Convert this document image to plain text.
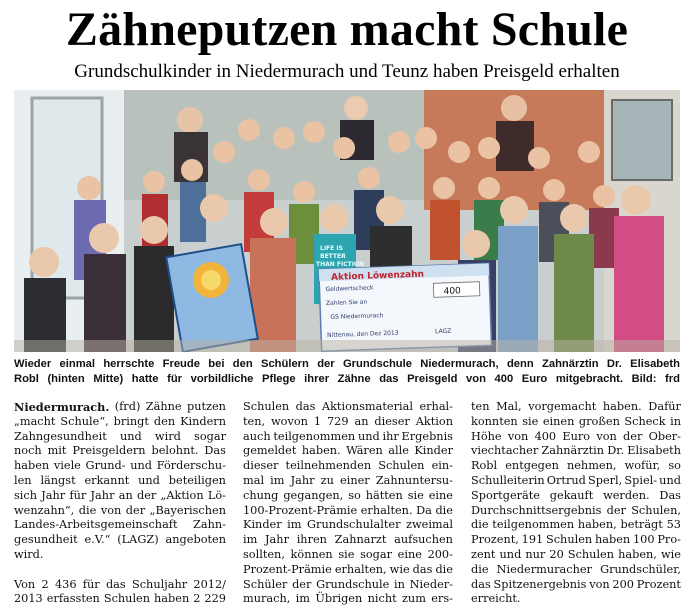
Zähneputzen macht Schule
Grundschulkinder in Niedermurach und Teunz haben Preisgeld erhalten
LIFE IS
BETTER
THAN FICTION
Aktion Löwenzahn
400
Geldwertscheck
Zahlen Sie an
GS Niedermurach
Nittenau, den Dez 2013	LAGZ
Wieder einmal herrschte Freude bei den Schülern der Grundschule Niedermurach, denn Zahnärztin Dr. Elisabeth
Robl (hinten Mitte) hatte für vorbildliche Pflege ihrer Zähne das Preisgeld von 400 Euro mitgebracht. Bild: frd
Niedermurach. (frd) Zähne putzen
„macht Schule“, bringt den Kindern
Zahngesundheit und wird sogar
noch mit Preisgeldern belohnt. Das
haben viele Grund- und Förderschu-
len längst erkannt und beteiligen
sich Jahr für Jahr an der „Aktion Lö-
wenzahn“, die von der „Bayerischen
Landes-Arbeitsgemeinschaft Zahn-
gesundheit e.V.“ (LAGZ) angeboten
wird.
Von 2 436 für das Schuljahr 2012/
2013 erfassten Schulen haben 2 229
Schulen das Aktionsmaterial erhal-
ten, wovon 1 729 an dieser Aktion
auch teilgenommen und ihr Ergebnis
gemeldet haben. Wären alle Kinder
dieser teilnehmenden Schulen ein-
mal im Jahr zu einer Zahnuntersu-
chung gegangen, so hätten sie eine
100-Prozent-Prämie erhalten. Da die
Kinder im Grundschulalter zweimal
im Jahr ihren Zahnarzt aufsuchen
sollten, können sie sogar eine 200-
Prozent-Prämie erhalten, wie das die
Schüler der Grundschule in Nieder-
murach, im Übrigen nicht zum ers-
ten Mal, vorgemacht haben. Dafür
konnten sie einen großen Scheck in
Höhe von 400 Euro von der Ober-
viechtacher Zahnärztin Dr. Elisabeth
Robl entgegen nehmen, wofür, so
Schulleiterin Ortrud Sperl, Spiel- und
Sportgeräte gekauft werden. Das
Durchschnittsergebnis der Schulen,
die teilgenommen haben, beträgt 53
Prozent, 191 Schulen haben 100 Pro-
zent und nur 20 Schulen haben, wie
die Niedermuracher Grundschüler,
das Spitzenergebnis von 200 Prozent
erreicht.
